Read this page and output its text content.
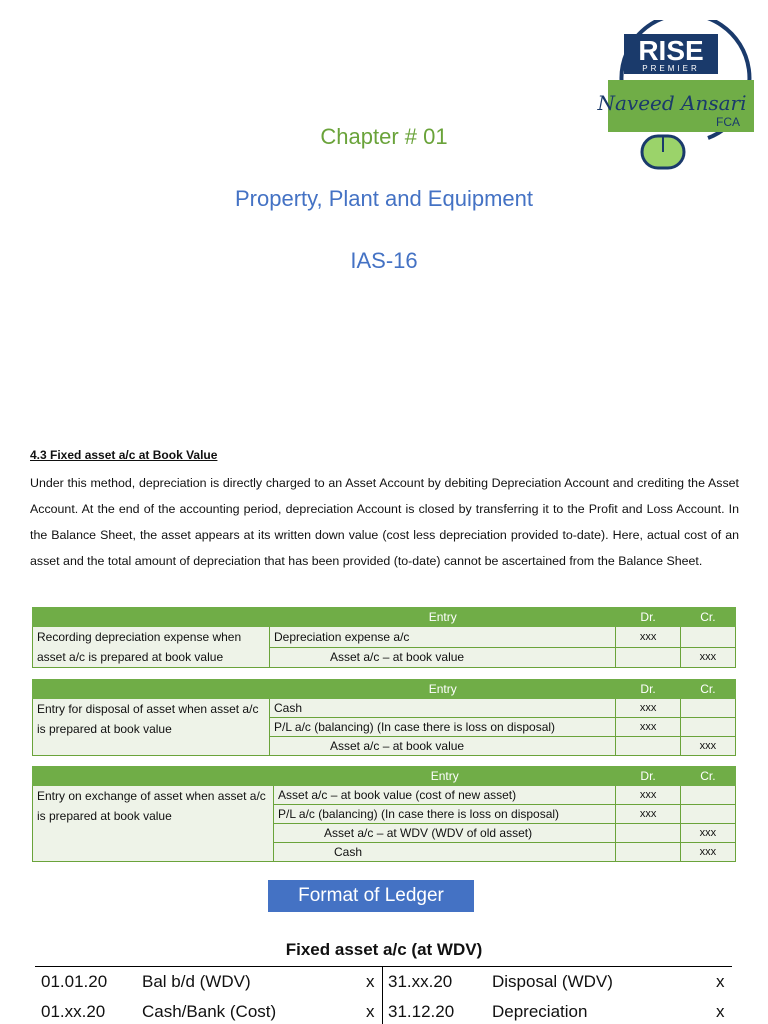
Chapter # 01
Property, Plant and Equipment
IAS-16
RISE
PREMIER
Naveed Ansari
FCA
4.3 Fixed asset a/c at Book Value
Under this method, depreciation is directly charged to an Asset Account by debiting Depreciation Account and crediting the Asset Account. At the end of the accounting period, depreciation Account is closed by transferring it to the Profit and Loss Account. In the Balance Sheet, the asset appears at its written down value (cost less depreciation provided to-date). Here, actual cost of an asset and the total amount of depreciation that has been provided (to-date) cannot be ascertained from the Balance Sheet.
	Entry	Dr.	Cr.
Recording depreciation expense when asset a/c is prepared at book value	Depreciation expense a/c	xxx	
	Asset a/c – at book value		xxx
	Entry	Dr.	Cr.
Entry for disposal of asset when asset a/c is prepared at book value	Cash	xxx	
	P/L a/c (balancing) (In case there is loss on disposal)	xxx	
	Asset a/c – at book value		xxx
	Entry	Dr.	Cr.
Entry on exchange of asset when asset a/c is prepared at book value	Asset a/c – at book value (cost of new asset)	xxx	
	P/L a/c (balancing) (In case there is loss on disposal)	xxx	
	Asset a/c – at WDV (WDV of old asset)		xxx
	Cash		xxx
Format of Ledger
Fixed asset a/c (at WDV)
01.01.20 Bal b/d (WDV)	x 31.xx.20 Disposal (WDV)	x
01.xx.20 Cash/Bank (Cost)	x 31.12.20 Depreciation	x
